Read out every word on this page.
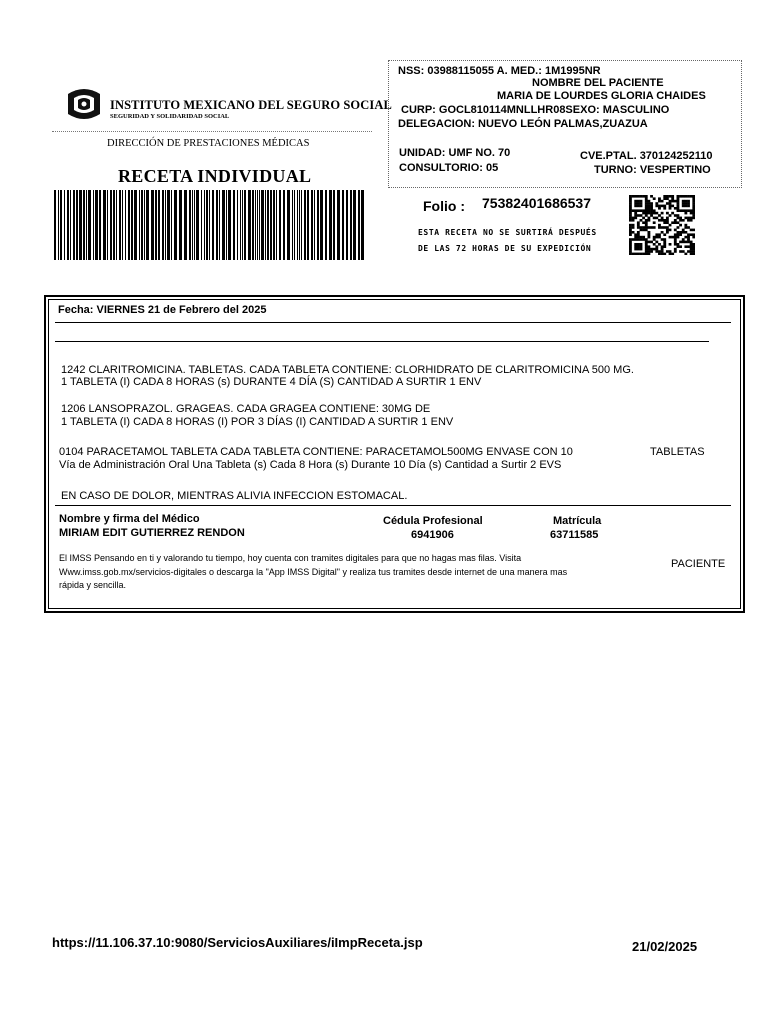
INSTITUTO MEXICANO DEL SEGURO SOCIAL
SEGURIDAD Y SOLIDARIDAD SOCIAL
DIRECCIÓN DE PRESTACIONES MÉDICAS
RECETA INDIVIDUAL
NSS: 03988115055 A. MED.: 1M1995NR
NOMBRE DEL PACIENTE
MARIA DE LOURDES GLORIA CHAIDES
CURP: GOCL810114MNLLHR08SEXO: MASCULINO
DELEGACION: NUEVO LEÓN PALMAS,ZUAZUA
UNIDAD: UMF NO. 70
CONSULTORIO: 05
CVE.PTAL. 370124252110
TURNO: VESPERTINO
Folio : 75382401686537
ESTA RECETA NO SE SURTIRÁ DESPUÉS
DE LAS 72 HORAS DE SU EXPEDICIÓN
Fecha: VIERNES 21 de Febrero del 2025
1242 CLARITROMICINA. TABLETAS. CADA TABLETA CONTIENE: CLORHIDRATO DE CLARITROMICINA 500 MG.
1 TABLETA (I) CADA 8 HORAS (s) DURANTE 4 DÍA (S) CANTIDAD A SURTIR 1 ENV
1206 LANSOPRAZOL. GRAGEAS. CADA GRAGEA CONTIENE: 30MG DE
1 TABLETA (I) CADA 8 HORAS (I) POR 3 DÍAS (I) CANTIDAD A SURTIR 1 ENV
0104 PARACETAMOL TABLETA CADA TABLETA CONTIENE: PARACETAMOL500MG ENVASE CON 10	TABLETAS
Vía de Administración Oral Una Tableta (s) Cada 8 Hora (s) Durante 10 Día (s) Cantidad a Surtir 2 EVS
EN CASO DE DOLOR, MIENTRAS ALIVIA INFECCION ESTOMACAL.
Nombre y firma del Médico
MIRIAM EDIT GUTIERREZ RENDON
Cédula Profesional
6941906
Matrícula
63711585
El IMSS Pensando en ti y valorando tu tiempo, hoy cuenta con tramites digitales para que no hagas mas filas. Visita
Www.imss.gob.mx/servicios-digitales o descarga la "App IMSS Digital" y realiza tus tramites desde internet de una manera mas
rápida y sencilla.
PACIENTE
https://11.106.37.10:9080/ServiciosAuxiliares/iImpReceta.jsp	21/02/2025
